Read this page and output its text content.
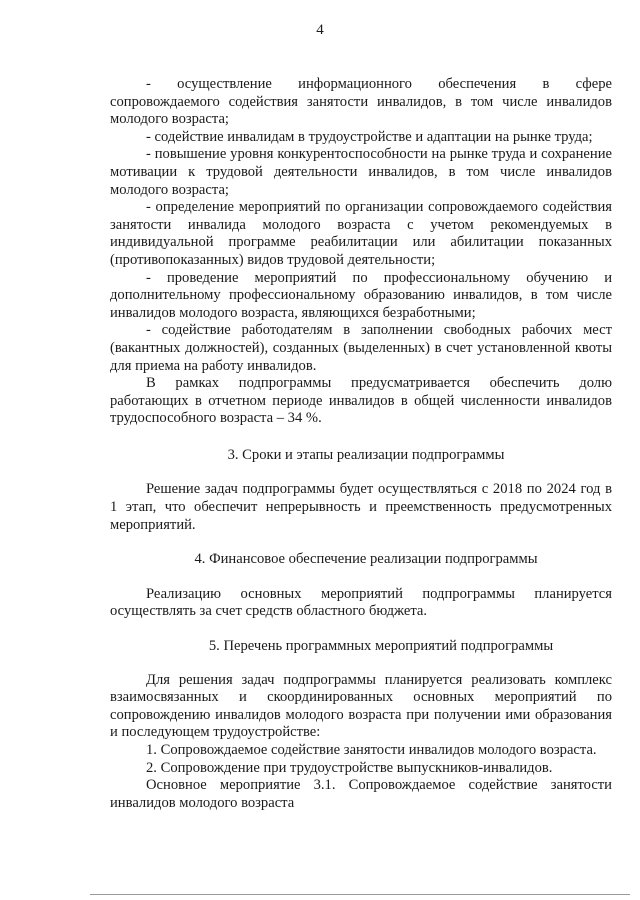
4

- осуществление информационного обеспечения в сфере сопровождаемого содействия занятости инвалидов, в том числе инвалидов молодого возраста;

- содействие инвалидам в трудоустройстве и адаптации на рынке труда;

- повышение уровня конкурентоспособности на рынке труда и сохранение мотивации к трудовой деятельности инвалидов, в том числе инвалидов молодого возраста;

- определение мероприятий по организации сопровождаемого содействия занятости инвалида молодого возраста с учетом рекомендуемых в индивидуальной программе реабилитации или абилитации показанных (противопоказанных) видов трудовой деятельности;

- проведение мероприятий по профессиональному обучению и дополнительному профессиональному образованию инвалидов, в том числе инвалидов молодого возраста, являющихся безработными;

- содействие работодателям в заполнении свободных рабочих мест (вакантных должностей), созданных (выделенных) в счет установленной квоты для приема на работу инвалидов.

В рамках подпрограммы предусматривается обеспечить долю работающих в отчетном периоде инвалидов в общей численности инвалидов трудоспособного возраста – 34 %.

3. Сроки и этапы реализации подпрограммы

Решение задач подпрограммы будет осуществляться с 2018 по 2024 год в 1 этап, что обеспечит непрерывность и преемственность предусмотренных мероприятий.

4. Финансовое обеспечение реализации подпрограммы

Реализацию основных мероприятий подпрограммы планируется осуществлять за счет средств областного бюджета.

5. Перечень программных мероприятий подпрограммы

Для решения задач подпрограммы планируется реализовать комплекс взаимосвязанных и скоординированных основных мероприятий по сопровождению инвалидов молодого возраста при получении ими образования и последующем трудоустройстве:

1. Сопровождаемое содействие занятости инвалидов молодого возраста.

2. Сопровождение при трудоустройстве выпускников-инвалидов.

Основное мероприятие 3.1. Сопровождаемое содействие занятости инвалидов молодого возраста
